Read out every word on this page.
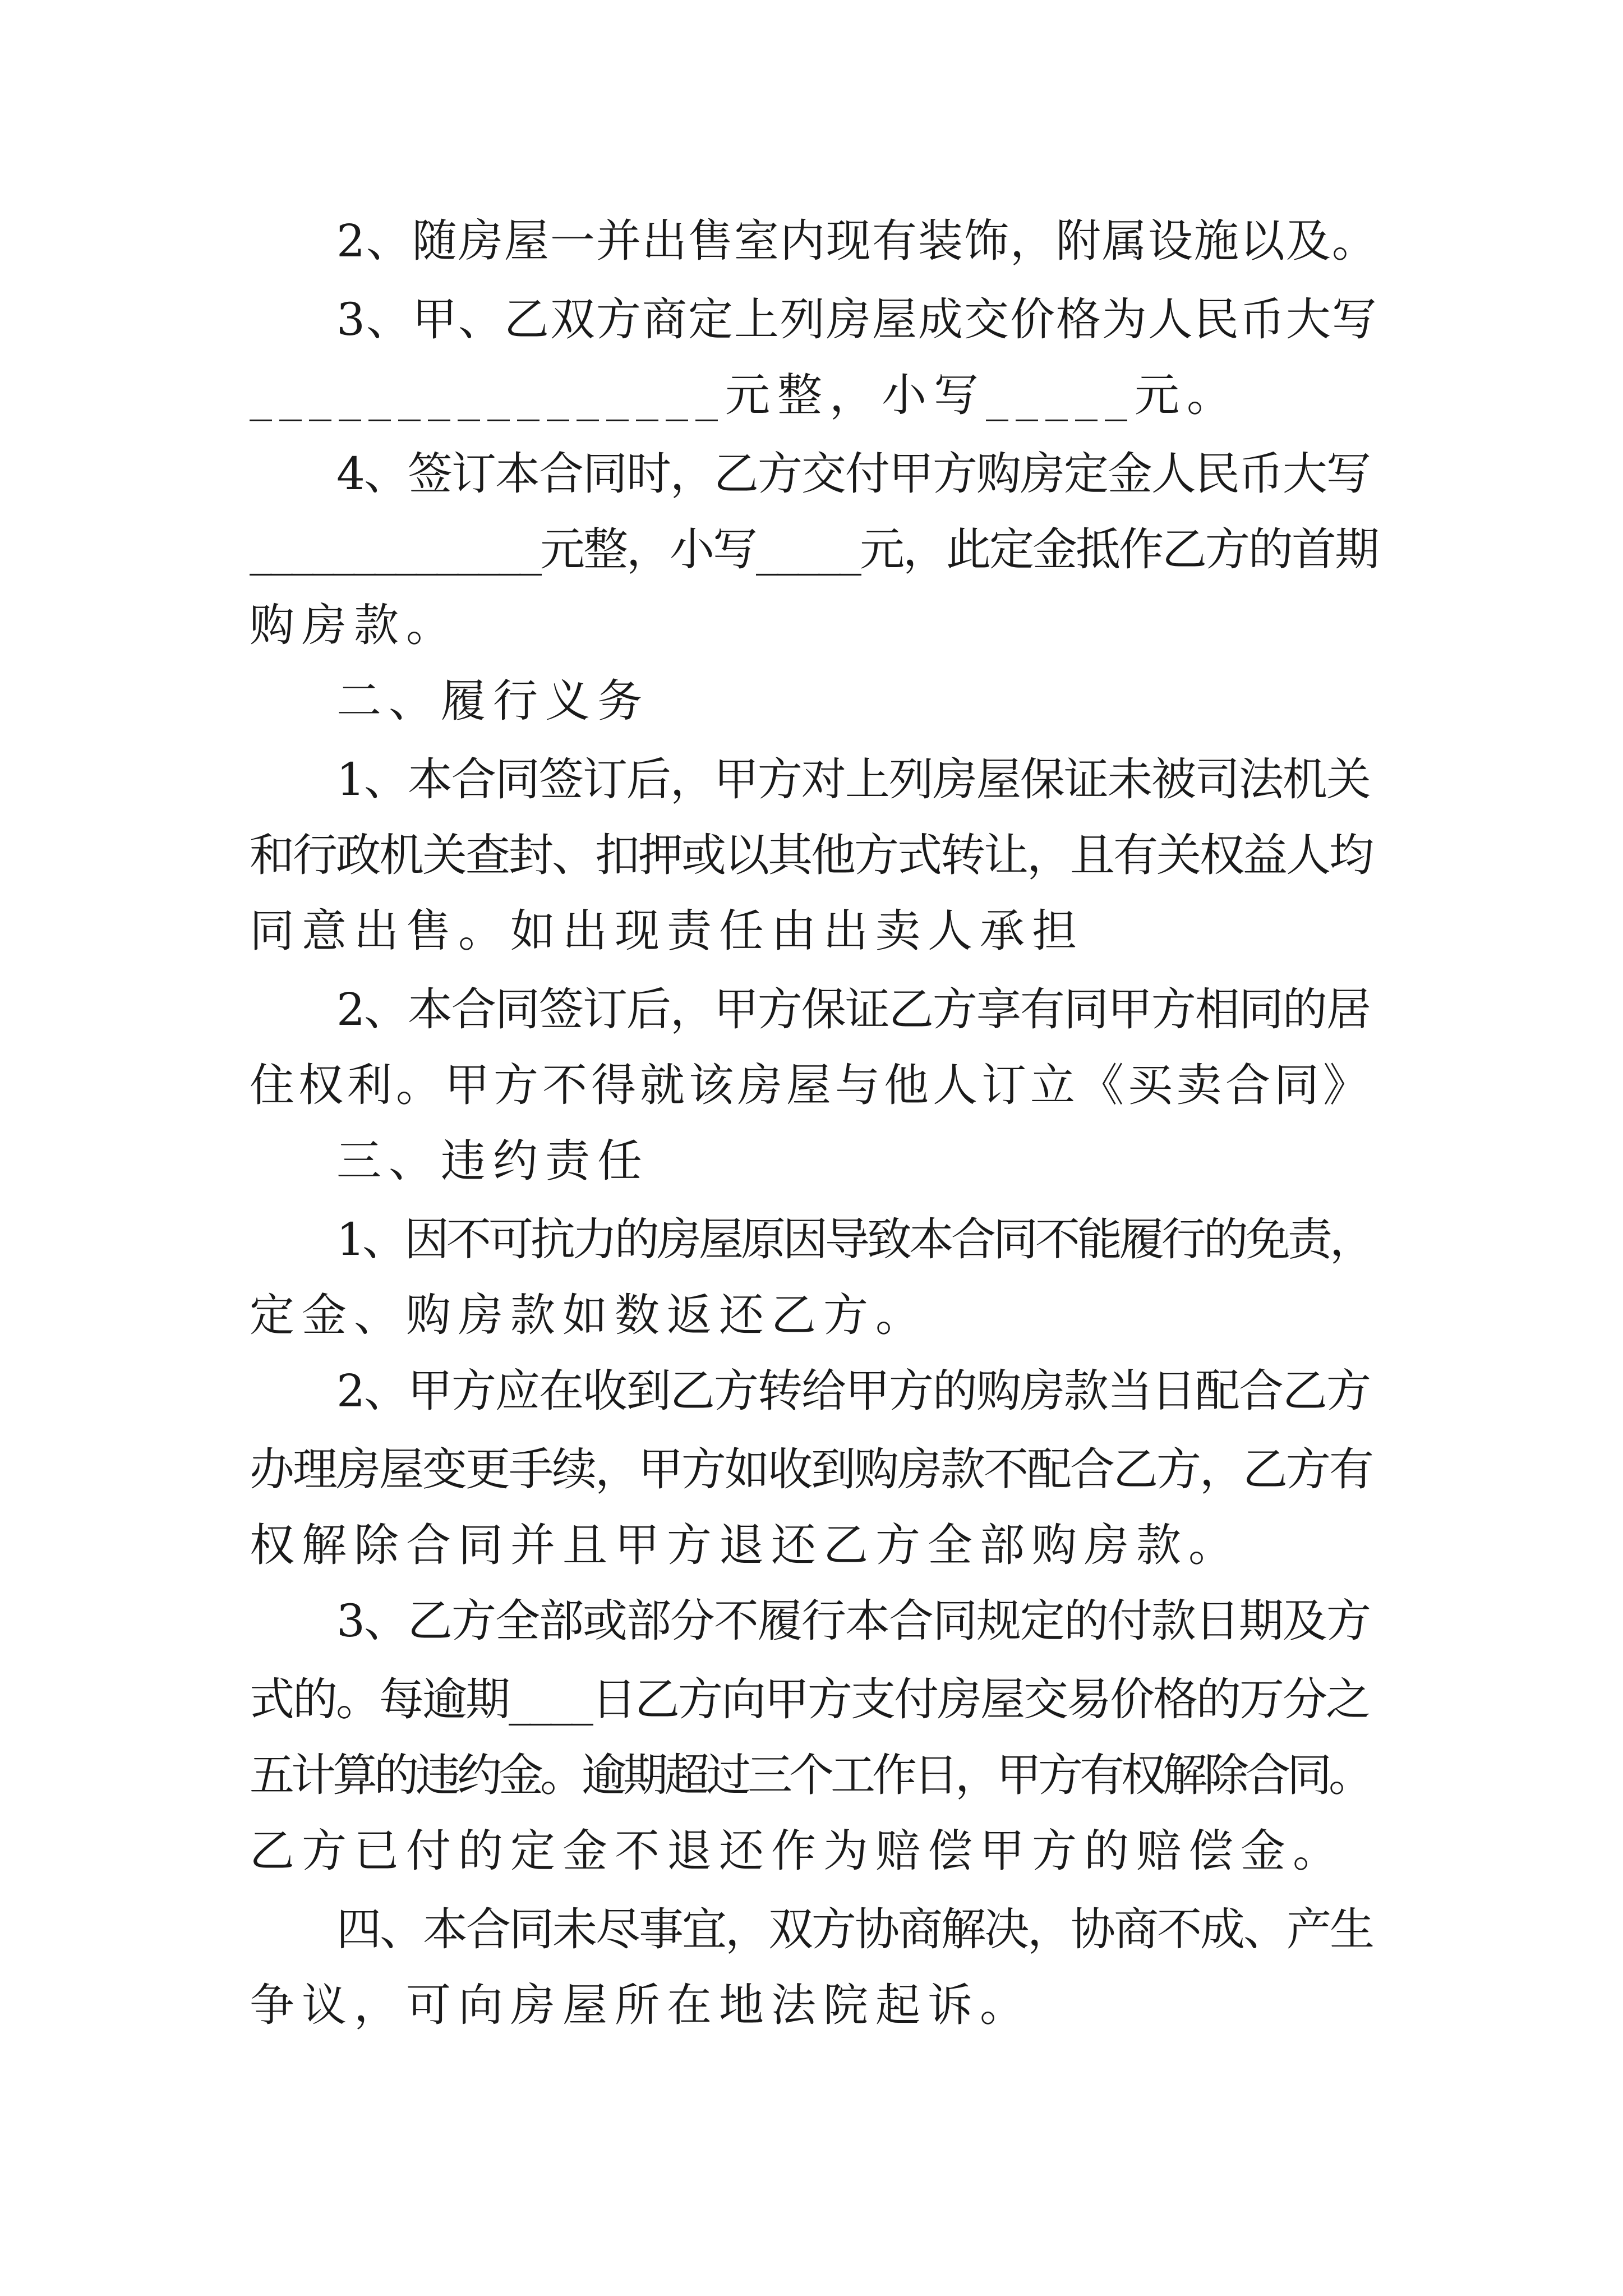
2、随房屋一并出售室内现有装饰，附属设施以及。
3、甲、乙双方商定上列房屋成交价格为人民币大写
________________元整，小写_____元。
4、签订本合同时，乙方交付甲方购房定金人民币大写
______________元整，小写_____元，此定金抵作乙方的首期
购房款。
二、履行义务
1、本合同签订后，甲方对上列房屋保证未被司法机关
和行政机关查封、扣押或以其他方式转让，且有关权益人均
同意出售。如出现责任由出卖人承担
2、本合同签订后，甲方保证乙方享有同甲方相同的居
住权利。甲方不得就该房屋与他人订立《买卖合同》
三、违约责任
1、因不可抗力的房屋原因导致本合同不能履行的免责，
定金、购房款如数返还乙方。
2、甲方应在收到乙方转给甲方的购房款当日配合乙方
办理房屋变更手续，甲方如收到购房款不配合乙方，乙方有
权解除合同并且甲方退还乙方全部购房款。
3、乙方全部或部分不履行本合同规定的付款日期及方
式的。每逾期____日乙方向甲方支付房屋交易价格的万分之
五计算的违约金。逾期超过三个工作日，甲方有权解除合同。
乙方已付的定金不退还作为赔偿甲方的赔偿金。
四、本合同未尽事宜，双方协商解决，协商不成、产生
争议，可向房屋所在地法院起诉。
